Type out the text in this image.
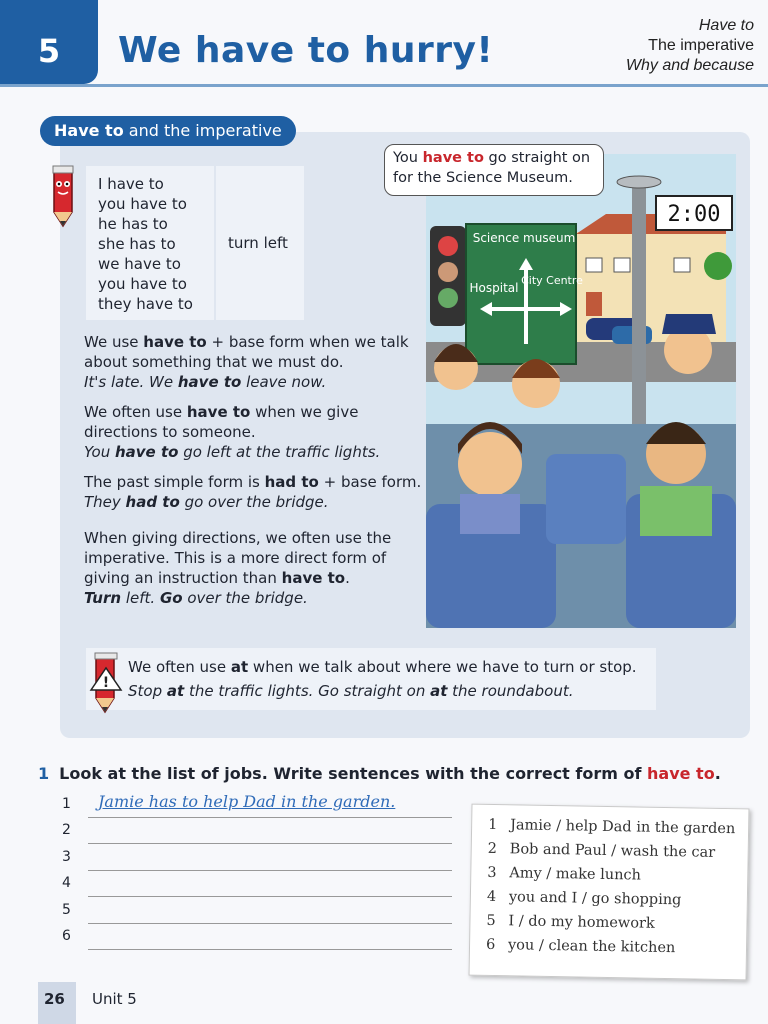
5	We have to hurry!
Have to
The imperative
Why and because
Have to and the imperative
I have to
you have to
he has to
she has to
we have to
you have to
they have to
turn left

We use have to + base form when we talk about something that we must do.

It's late. We have to leave now.

We often use have to when we give directions to someone.

You have to go left at the traffic lights.

The past simple form is had to + base form.

They had to go over the bridge.

When giving directions, we often use the imperative. This is a more direct form of giving an instruction than have to.

Turn left. Go over the bridge.

!
We often use at when we talk about where we have to turn or stop.
Stop at the traffic lights. Go straight on at the roundabout.
2:00
Science museum
Hospital
City Centre
You have to go straight on for the Science Museum.
1 Look at the list of jobs. Write sentences with the correct form of have to.
1 Jamie has to help Dad in the garden.
2
3
4
5
6
1 Jamie / help Dad in the garden
2 Bob and Paul / wash the car
3 Amy / make lunch
4 you and I / go shopping
5 I / do my homework
6 you / clean the kitchen
26 Unit 5
